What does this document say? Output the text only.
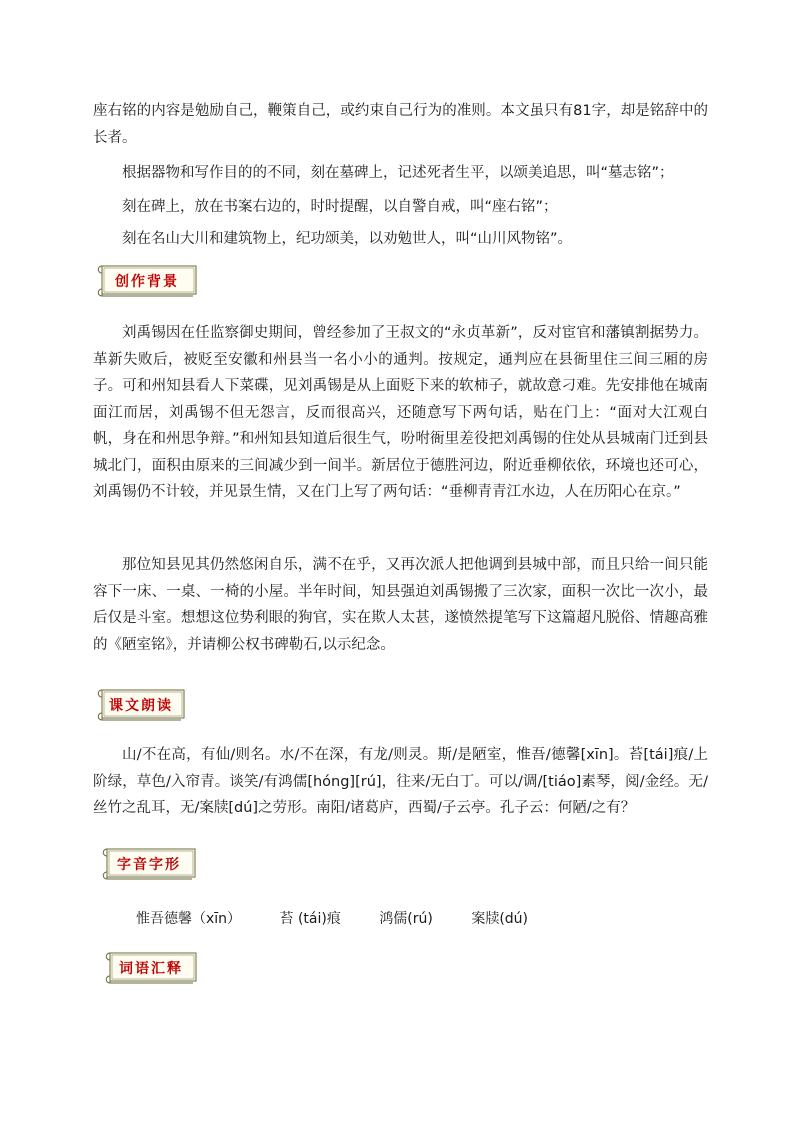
座右铭的内容是勉励自己，鞭策自己，或约束自己行为的准则。本文虽只有81字，却是铭辞中的长者。

根据器物和写作目的的不同，刻在墓碑上，记述死者生平，以颂美追思，叫“墓志铭”；

刻在碑上，放在书案右边的，时时提醒，以自警自戒，叫“座右铭”；

刻在名山大川和建筑物上，纪功颂美，以劝勉世人，叫“山川风物铭”。

创作背景

刘禹锡因在任监察御史期间，曾经参加了王叔文的“永贞革新”，反对宦官和藩镇割据势力。革新失败后，被贬至安徽和州县当一名小小的通判。按规定，通判应在县衙里住三间三厢的房子。可和州知县看人下菜碟，见刘禹锡是从上面贬下来的软柿子，就故意刁难。先安排他在城南面江而居，刘禹锡不但无怨言，反而很高兴，还随意写下两句话，贴在门上：“面对大江观白帆，身在和州思争辩。”和州知县知道后很生气，吩咐衙里差役把刘禹锡的住处从县城南门迁到县城北门，面积由原来的三间减少到一间半。新居位于德胜河边，附近垂柳依依，环境也还可心，刘禹锡仍不计较，并见景生情，又在门上写了两句话：“垂柳青青江水边，人在历阳心在京。”

那位知县见其仍然悠闲自乐，满不在乎，又再次派人把他调到县城中部，而且只给一间只能容下一床、一桌、一椅的小屋。半年时间，知县强迫刘禹锡搬了三次家，面积一次比一次小，最后仅是斗室。想想这位势利眼的狗官，实在欺人太甚，遂愤然提笔写下这篇超凡脱俗、情趣高雅的《陋室铭》，并请柳公权书碑勒石,以示纪念。

课文朗读

山/不在高，有仙/则名。水/不在深，有龙/则灵。斯/是陋室，惟吾/德馨[xīn]。苔[tái]痕/上阶绿，草色/入帘青。谈笑/有鸿儒[hóng][rú]，往来/无白丁。可以/调/[tiáo]素琴，阅/金经。无/丝竹之乱耳，无/案牍[dú]之劳形。南阳/诸葛庐，西蜀/子云亭。孔子云：何陋/之有？

字音字形
惟吾德馨（xīn）	苔 (tái)痕	鸿儒(rú)	案牍(dú)
词语汇释
